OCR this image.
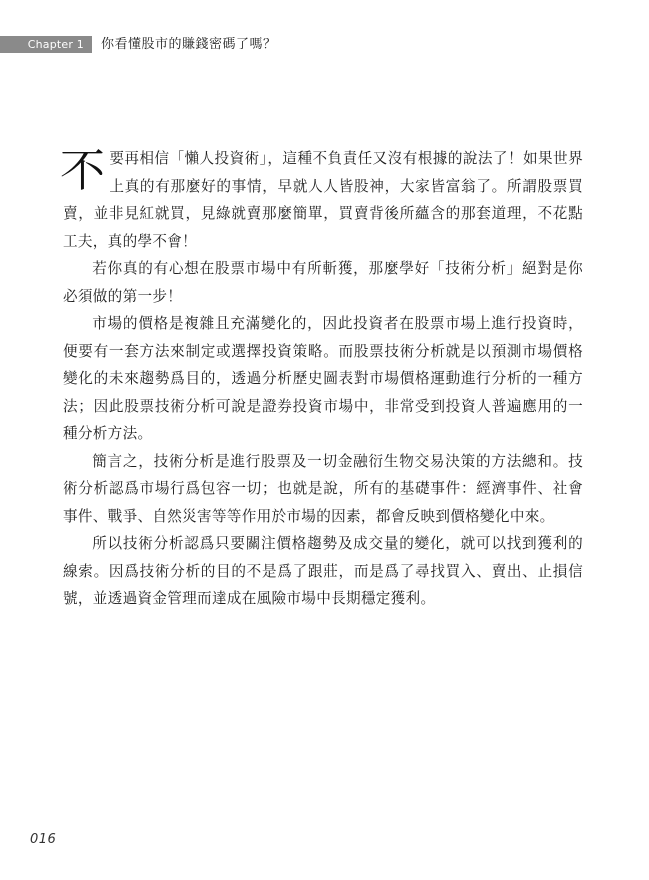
Chapter 1	你看懂股市的賺錢密碼了嗎？

不 要再相信「懶人投資術」，這種不負責任又沒有根據的說法了！如果世界上真的有那麼好的事情，早就人人皆股神，大家皆富翁了。所謂股票買賣，並非見紅就買，見綠就賣那麼簡單，買賣背後所蘊含的那套道理，不花點工夫，真的學不會！

若你真的有心想在股票市場中有所斬獲，那麼學好「技術分析」絕對是你必須做的第一步！

市場的價格是複雜且充滿變化的，因此投資者在股票市場上進行投資時，便要有一套方法來制定或選擇投資策略。而股票技術分析就是以預測市場價格變化的未來趨勢爲目的，透過分析歷史圖表對市場價格運動進行分析的一種方法；因此股票技術分析可說是證券投資市場中，非常受到投資人普遍應用的一種分析方法。

簡言之，技術分析是進行股票及一切金融衍生物交易決策的方法總和。技術分析認爲市場行爲包容一切；也就是說，所有的基礎事件：經濟事件、社會事件、戰爭、自然災害等等作用於市場的因素，都會反映到價格變化中來。

所以技術分析認爲只要關注價格趨勢及成交量的變化，就可以找到獲利的線索。因爲技術分析的目的不是爲了跟莊，而是爲了尋找買入、賣出、止損信號，並透過資金管理而達成在風險市場中長期穩定獲利。

016
